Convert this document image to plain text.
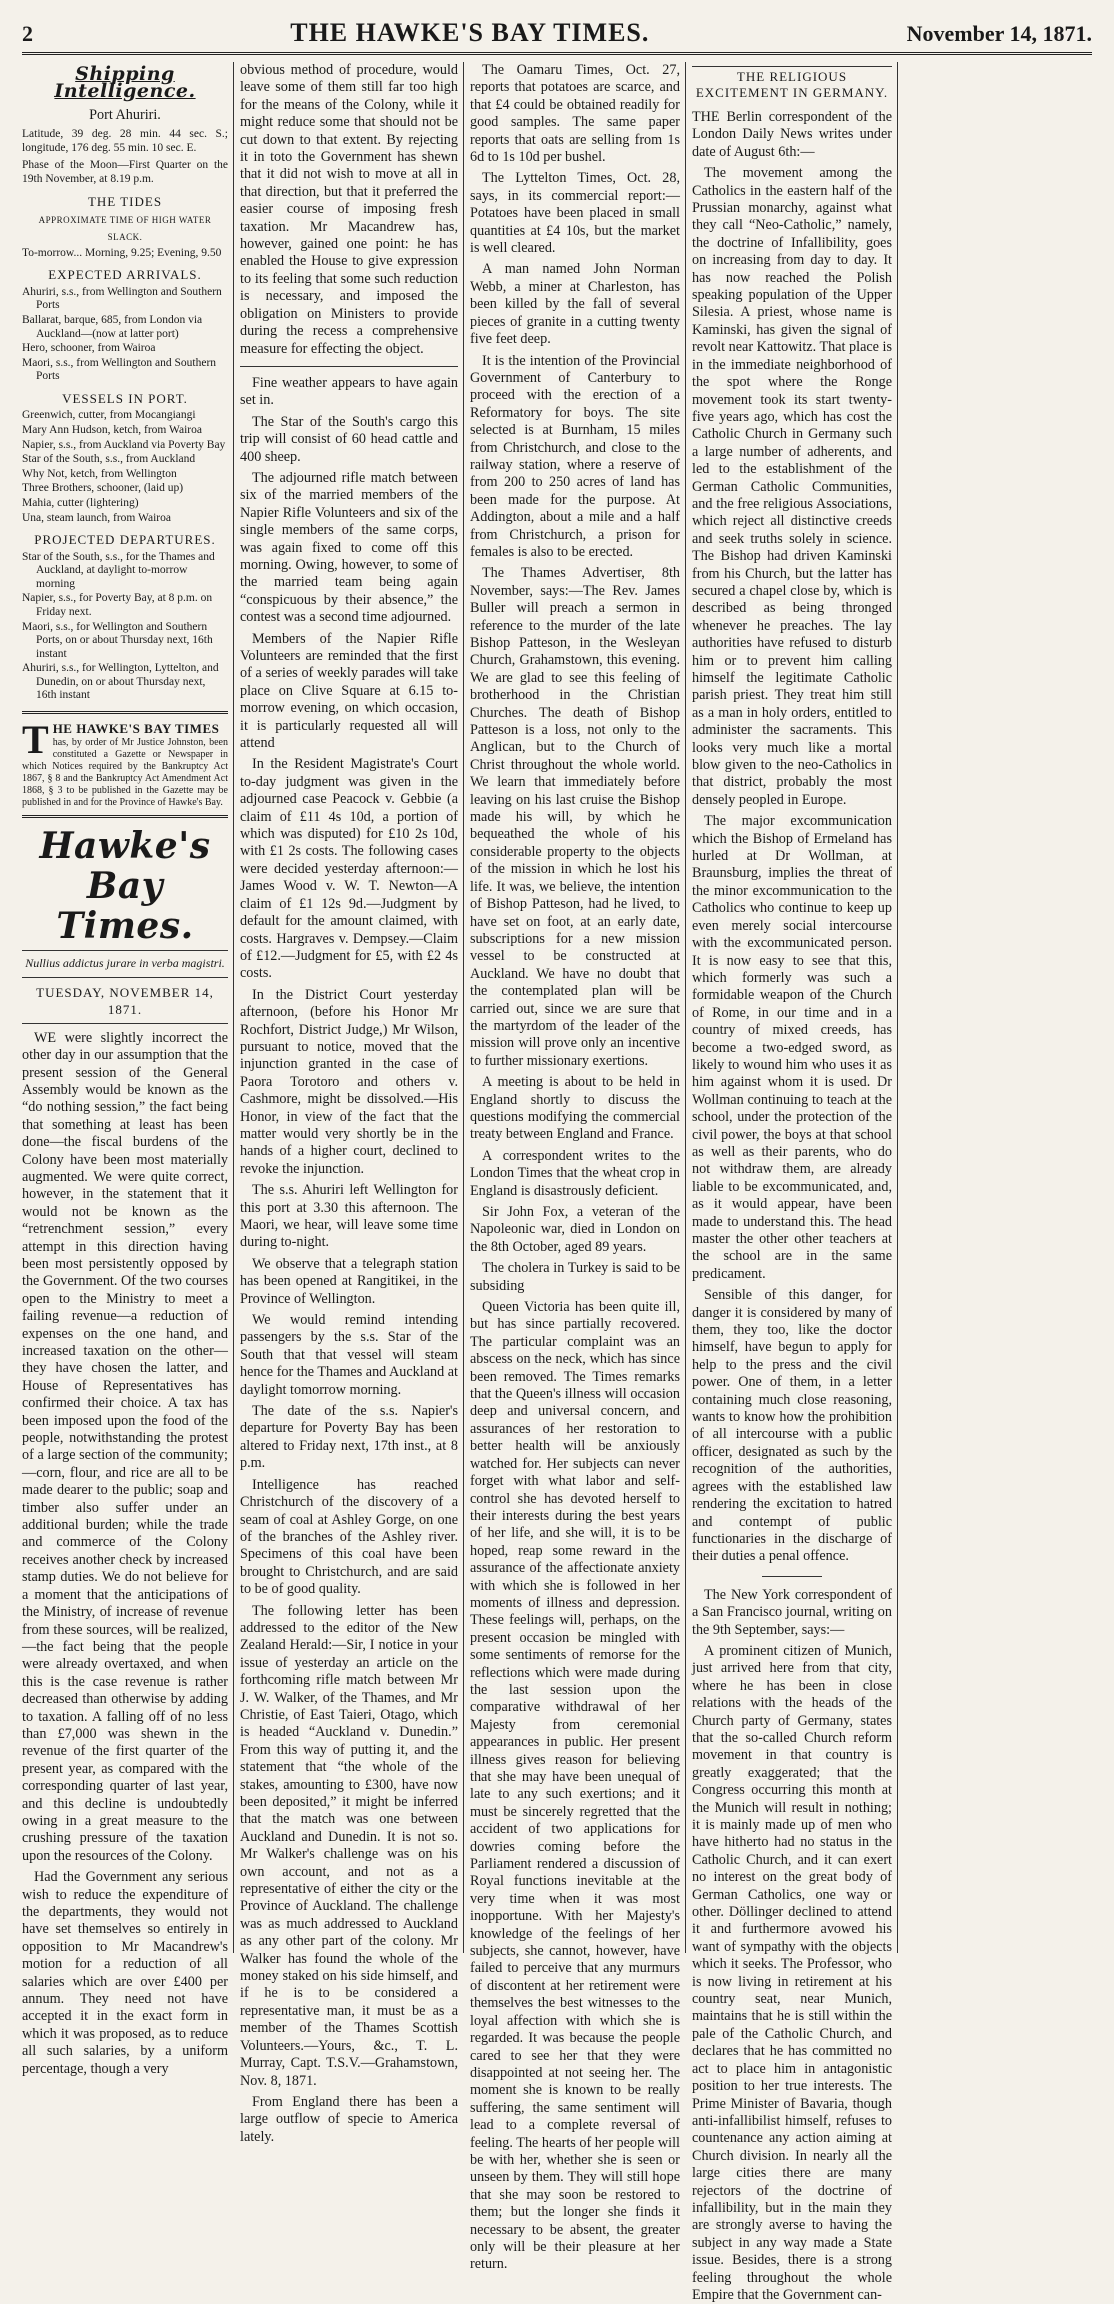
2	THE HAWKE'S BAY TIMES.	November 14, 1871.
Shipping Intelligence.

Port Ahuriri.

Latitude, 39 deg. 28 min. 44 sec. S.; longitude, 176 deg. 55 min. 10 sec. E.

Phase of the Moon—First Quarter on the 19th November, at 8.19 p.m.

THE TIDES
APPROXIMATE TIME OF HIGH WATER SLACK.

To-morrow... Morning, 9.25; Evening, 9.50

EXPECTED ARRIVALS.

Ahuriri, s.s., from Wellington and Southern Ports

Ballarat, barque, 685, from London via Auckland—(now at latter port)

Hero, schooner, from Wairoa

Maori, s.s., from Wellington and Southern Ports

VESSELS IN PORT.

Greenwich, cutter, from Mocangiangi

Mary Ann Hudson, ketch, from Wairoa

Napier, s.s., from Auckland via Poverty Bay

Star of the South, s.s., from Auckland

Why Not, ketch, from Wellington

Three Brothers, schooner, (laid up)

Mahia, cutter (lightering)

Una, steam launch, from Wairoa

PROJECTED DEPARTURES.

Star of the South, s.s., for the Thames and Auckland, at daylight to-morrow morning

Napier, s.s., for Poverty Bay, at 8 p.m. on Friday next.

Maori, s.s., for Wellington and Southern Ports, on or about Thursday next, 16th instant

Ahuriri, s.s., for Wellington, Lyttelton, and Dunedin, on or about Thursday next, 16th instant

T HE HAWKE'S BAY TIMES
has, by order of Mr Justice Johnston, been constituted a Gazette or Newspaper in which Notices required by the Bankruptcy Act 1867, § 8 and the Bankruptcy Act Amendment Act 1868, § 3 to be published in the Gazette may be published in and for the Province of Hawke's Bay.
Hawke's Bay Times.
Nullius addictus jurare in verba magistri.
TUESDAY, NOVEMBER 14, 1871.

WE were slightly incorrect the other day in our assumption that the present session of the General Assembly would be known as the “do nothing session,” the fact being that something at least has been done—the fiscal burdens of the Colony have been most materially augmented. We were quite correct, however, in the statement that it would not be known as the “retrenchment session,” every attempt in this direction having been most persistently opposed by the Government. Of the two courses open to the Ministry to meet a failing revenue—a reduction of expenses on the one hand, and increased taxation on the other—they have chosen the latter, and House of Representatives has confirmed their choice. A tax has been imposed upon the food of the people, notwithstanding the protest of a large section of the community;—corn, flour, and rice are all to be made dearer to the public; soap and timber also suffer under an additional burden; while the trade and commerce of the Colony receives another check by increased stamp duties. We do not believe for a moment that the anticipations of the Ministry, of increase of revenue from these sources, will be realized,—the fact being that the people were already overtaxed, and when this is the case revenue is rather decreased than otherwise by adding to taxation. A falling off of no less than £7,000 was shewn in the revenue of the first quarter of the present year, as compared with the corresponding quarter of last year, and this decline is undoubtedly owing in a great measure to the crushing pressure of the taxation upon the resources of the Colony.

Had the Government any serious wish to reduce the expenditure of the departments, they would not have set themselves so entirely in opposition to Mr Macandrew's motion for a reduction of all salaries which are over £400 per annum. They need not have accepted it in the exact form in which it was proposed, as to reduce all such salaries, by a uniform percentage, though a very

obvious method of procedure, would leave some of them still far too high for the means of the Colony, while it might reduce some that should not be cut down to that extent. By rejecting it in toto the Government has shewn that it did not wish to move at all in that direction, but that it preferred the easier course of imposing fresh taxation. Mr Macandrew has, however, gained one point: he has enabled the House to give expression to its feeling that some such reduction is necessary, and imposed the obligation on Ministers to provide during the recess a comprehensive measure for effecting the object.

Fine weather appears to have again set in.

The Star of the South's cargo this trip will consist of 60 head cattle and 400 sheep.

The adjourned rifle match between six of the married members of the Napier Rifle Volunteers and six of the single members of the same corps, was again fixed to come off this morning. Owing, however, to some of the married team being again “conspicuous by their absence,” the contest was a second time adjourned.

Members of the Napier Rifle Volunteers are reminded that the first of a series of weekly parades will take place on Clive Square at 6.15 to-morrow evening, on which occasion, it is particularly requested all will attend

In the Resident Magistrate's Court to-day judgment was given in the adjourned case Peacock v. Gebbie (a claim of £11 4s 10d, a portion of which was disputed) for £10 2s 10d, with £1 2s costs. The following cases were decided yesterday afternoon:—James Wood v. W. T. Newton—A claim of £1 12s 9d.—Judgment by default for the amount claimed, with costs. Hargraves v. Dempsey.—Claim of £12.—Judgment for £5, with £2 4s costs.

In the District Court yesterday afternoon, (before his Honor Mr Rochfort, District Judge,) Mr Wilson, pursuant to notice, moved that the injunction granted in the case of Paora Torotoro and others v. Cashmore, might be dissolved.—His Honor, in view of the fact that the matter would very shortly be in the hands of a higher court, declined to revoke the injunction.

The s.s. Ahuriri left Wellington for this port at 3.30 this afternoon. The Maori, we hear, will leave some time during to-night.

We observe that a telegraph station has been opened at Rangitikei, in the Province of Wellington.

We would remind intending passengers by the s.s. Star of the South that that vessel will steam hence for the Thames and Auckland at daylight tomorrow morning.

The date of the s.s. Napier's departure for Poverty Bay has been altered to Friday next, 17th inst., at 8 p.m.

Intelligence has reached Christchurch of the discovery of a seam of coal at Ashley Gorge, on one of the branches of the Ashley river. Specimens of this coal have been brought to Christchurch, and are said to be of good quality.

The following letter has been addressed to the editor of the New Zealand Herald:—Sir, I notice in your issue of yesterday an article on the forthcoming rifle match between Mr J. W. Walker, of the Thames, and Mr Christie, of East Taieri, Otago, which is headed “Auckland v. Dunedin.” From this way of putting it, and the statement that “the whole of the stakes, amounting to £300, have now been deposited,” it might be inferred that the match was one between Auckland and Dunedin. It is not so. Mr Walker's challenge was on his own account, and not as a representative of either the city or the Province of Auckland. The challenge was as much addressed to Auckland as any other part of the colony. Mr Walker has found the whole of the money staked on his side himself, and if he is to be considered a representative man, it must be as a member of the Thames Scottish Volunteers.—Yours, &c., T. L. Murray, Capt. T.S.V.—Grahamstown, Nov. 8, 1871.

From England there has been a large outflow of specie to America lately.

The Oamaru Times, Oct. 27, reports that potatoes are scarce, and that £4 could be obtained readily for good samples. The same paper reports that oats are selling from 1s 6d to 1s 10d per bushel.

The Lyttelton Times, Oct. 28, says, in its commercial report:—Potatoes have been placed in small quantities at £4 10s, but the market is well cleared.

A man named John Norman Webb, a miner at Charleston, has been killed by the fall of several pieces of granite in a cutting twenty five feet deep.

It is the intention of the Provincial Government of Canterbury to proceed with the erection of a Reformatory for boys. The site selected is at Burnham, 15 miles from Christchurch, and close to the railway station, where a reserve of from 200 to 250 acres of land has been made for the purpose. At Addington, about a mile and a half from Christchurch, a prison for females is also to be erected.

The Thames Advertiser, 8th November, says:—The Rev. James Buller will preach a sermon in reference to the murder of the late Bishop Patteson, in the Wesleyan Church, Grahamstown, this evening. We are glad to see this feeling of brotherhood in the Christian Churches. The death of Bishop Patteson is a loss, not only to the Anglican, but to the Church of Christ throughout the whole world. We learn that immediately before leaving on his last cruise the Bishop made his will, by which he bequeathed the whole of his considerable property to the objects of the mission in which he lost his life. It was, we believe, the intention of Bishop Patteson, had he lived, to have set on foot, at an early date, subscriptions for a new mission vessel to be constructed at Auckland. We have no doubt that the contemplated plan will be carried out, since we are sure that the martyrdom of the leader of the mission will prove only an incentive to further missionary exertions.

A meeting is about to be held in England shortly to discuss the questions modifying the commercial treaty between England and France.

A correspondent writes to the London Times that the wheat crop in England is disastrously deficient.

Sir John Fox, a veteran of the Napoleonic war, died in London on the 8th October, aged 89 years.

The cholera in Turkey is said to be subsiding

Queen Victoria has been quite ill, but has since partially recovered. The particular complaint was an abscess on the neck, which has since been removed. The Times remarks that the Queen's illness will occasion deep and universal concern, and assurances of her restoration to better health will be anxiously watched for. Her subjects can never forget with what labor and self-control she has devoted herself to their interests during the best years of her life, and she will, it is to be hoped, reap some reward in the assurance of the affectionate anxiety with which she is followed in her moments of illness and depression. These feelings will, perhaps, on the present occasion be mingled with some sentiments of remorse for the reflections which were made during the last session upon the comparative withdrawal of her Majesty from ceremonial appearances in public. Her present illness gives reason for believing that she may have been unequal of late to any such exertions; and it must be sincerely regretted that the accident of two applications for dowries coming before the Parliament rendered a discussion of Royal functions inevitable at the very time when it was most inopportune. With her Majesty's knowledge of the feelings of her subjects, she cannot, however, have failed to perceive that any murmurs of discontent at her retirement were themselves the best witnesses to the loyal affection with which she is regarded. It was because the people cared to see her that they were disappointed at not seeing her. The moment she is known to be really suffering, the same sentiment will lead to a complete reversal of feeling. The hearts of her people will be with her, whether she is seen or unseen by them. They will still hope that she may soon be restored to them; but the longer she finds it necessary to be absent, the greater only will be their pleasure at her return.

THE RELIGIOUS EXCITEMENT IN GERMANY.

THE Berlin correspondent of the London Daily News writes under date of August 6th:—

The movement among the Catholics in the eastern half of the Prussian monarchy, against what they call “Neo-Catholic,” namely, the doctrine of Infallibility, goes on increasing from day to day. It has now reached the Polish speaking population of the Upper Silesia. A priest, whose name is Kaminski, has given the signal of revolt near Kattowitz. That place is in the immediate neighborhood of the spot where the Ronge movement took its start twenty-five years ago, which has cost the Catholic Church in Germany such a large number of adherents, and led to the establishment of the German Catholic Communities, and the free religious Associations, which reject all distinctive creeds and seek truths solely in science. The Bishop had driven Kaminski from his Church, but the latter has secured a chapel close by, which is described as being thronged whenever he preaches. The lay authorities have refused to disturb him or to prevent him calling himself the legitimate Catholic parish priest. They treat him still as a man in holy orders, entitled to administer the sacraments. This looks very much like a mortal blow given to the neo-Catholics in that district, probably the most densely peopled in Europe.

The major excommunication which the Bishop of Ermeland has hurled at Dr Wollman, at Braunsburg, implies the threat of the minor excommunication to the Catholics who continue to keep up even merely social intercourse with the excommunicated person. It is now easy to see that this, which formerly was such a formidable weapon of the Church of Rome, in our time and in a country of mixed creeds, has become a two-edged sword, as likely to wound him who uses it as him against whom it is used. Dr Wollman continuing to teach at the school, under the protection of the civil power, the boys at that school as well as their parents, who do not withdraw them, are already liable to be excommunicated, and, as it would appear, have been made to understand this. The head master the other other teachers at the school are in the same predicament.

Sensible of this danger, for danger it is considered by many of them, they too, like the doctor himself, have begun to apply for help to the press and the civil power. One of them, in a letter containing much close reasoning, wants to know how the prohibition of all intercourse with a public officer, designated as such by the recognition of the authorities, agrees with the established law rendering the excitation to hatred and contempt of public functionaries in the discharge of their duties a penal offence.

The New York correspondent of a San Francisco journal, writing on the 9th September, says:—

A prominent citizen of Munich, just arrived here from that city, where he has been in close relations with the heads of the Church party of Germany, states that the so-called Church reform movement in that country is greatly exaggerated; that the Congress occurring this month at the Munich will result in nothing; it is mainly made up of men who have hitherto had no status in the Catholic Church, and it can exert no interest on the great body of German Catholics, one way or other. Döllinger declined to attend it and furthermore avowed his want of sympathy with the objects which it seeks. The Professor, who is now living in retirement at his country seat, near Munich, maintains that he is still within the pale of the Catholic Church, and declares that he has committed no act to place him in antagonistic position to her true interests. The Prime Minister of Bavaria, though anti-infallibilist himself, refuses to countenance any action aiming at Church division. In nearly all the large cities there are many rejectors of the doctrine of infallibility, but in the main they are strongly averse to having the subject in any way made a State issue. Besides, there is a strong feeling throughout the whole Empire that the Government can-
